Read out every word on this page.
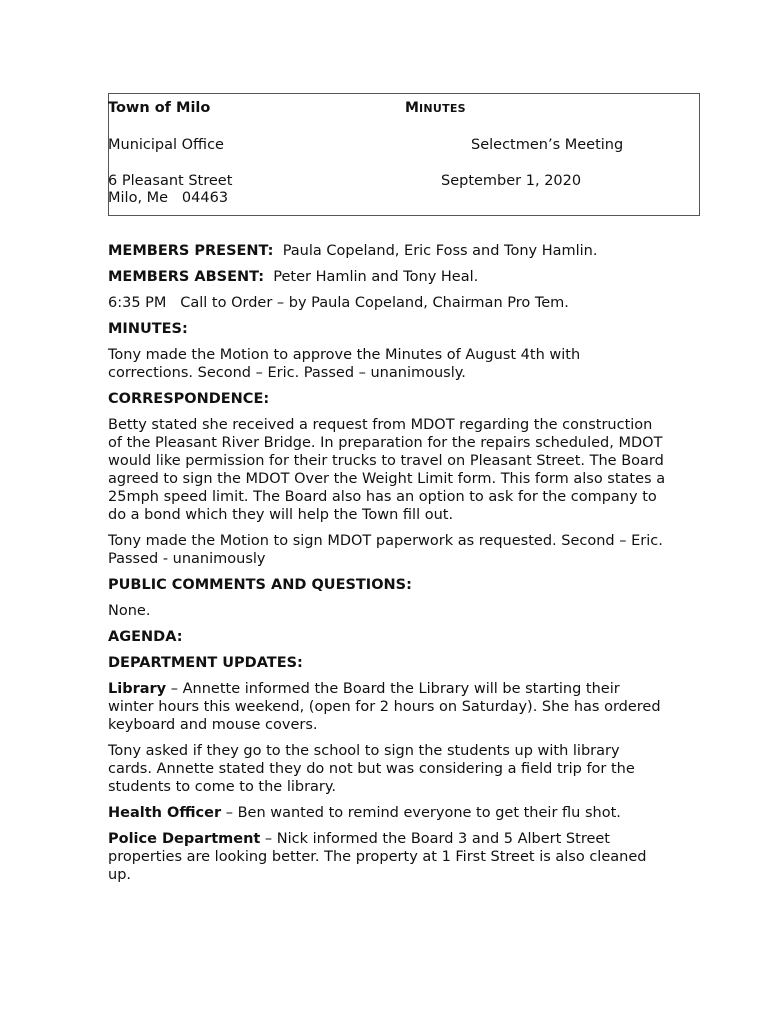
Town of Milo	MINUTES
Municipal Office	Selectmen’s Meeting
6 Pleasant Street	September 1, 2020
Milo, Me   04463

MEMBERS PRESENT: Paula Copeland, Eric Foss and Tony Hamlin.

MEMBERS ABSENT: Peter Hamlin and Tony Heal.

6:35 PM   Call to Order – by Paula Copeland, Chairman Pro Tem.

MINUTES:

Tony made the Motion to approve the Minutes of August 4th with corrections. Second – Eric. Passed – unanimously.

CORRESPONDENCE:

Betty stated she received a request from MDOT regarding the construction of the Pleasant River Bridge. In preparation for the repairs scheduled, MDOT would like permission for their trucks to travel on Pleasant Street. The Board agreed to sign the MDOT Over the Weight Limit form. This form also states a 25mph speed limit. The Board also has an option to ask for the company to do a bond which they will help the Town fill out.

Tony made the Motion to sign MDOT paperwork as requested. Second – Eric. Passed - unanimously

PUBLIC COMMENTS AND QUESTIONS:

None.

AGENDA:

DEPARTMENT UPDATES:

Library – Annette informed the Board the Library will be starting their winter hours this weekend, (open for 2 hours on Saturday). She has ordered keyboard and mouse covers.

Tony asked if they go to the school to sign the students up with library cards. Annette stated they do not but was considering a field trip for the students to come to the library.

Health Officer – Ben wanted to remind everyone to get their flu shot.

Police Department – Nick informed the Board 3 and 5 Albert Street properties are looking better. The property at 1 First Street is also cleaned up.
